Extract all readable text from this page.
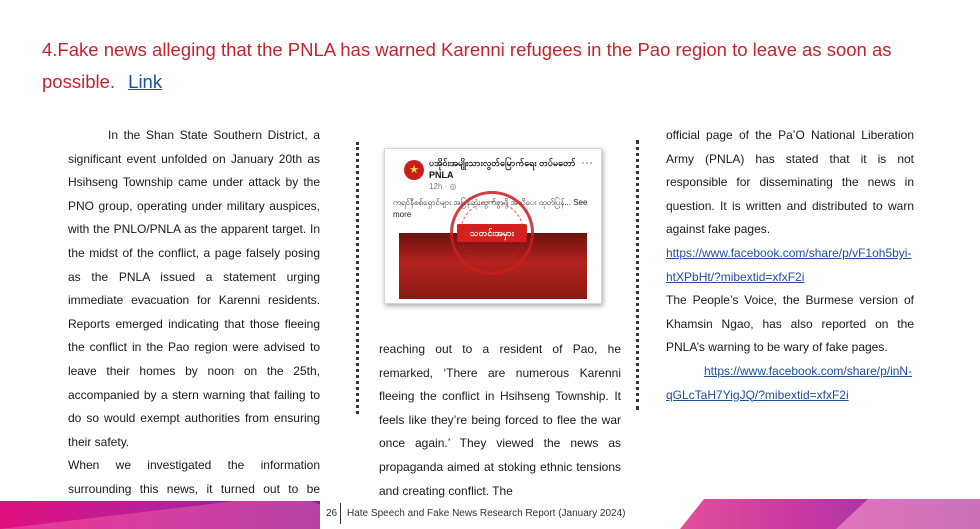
4.Fake news alleging that the PNLA has warned Karenni refugees in the Pao region to leave as soon as possible. Link

In the Shan State Southern District, a significant event unfolded on January 20th as Hsihseng Township came under attack by the PNO group, operating under military auspices, with the PNLO/PNLA as the apparent target. In the midst of the conflict, a page falsely posing as the PNLA issued a statement urging immediate evacuation for Karenni residents. Reports emerged indicating that those fleeing the conflict in the Pao region were advised to leave their homes by noon on the 25th, accompanied by a stern warning that failing to do so would exempt authorities from ensuring their safety.

When we investigated the information surrounding this news, it turned out to be

★
ပအိုဝ်းအမျိုးသားလွတ်မြောက်ရေး တပ်မတော်
PNLA
12h · ◎
···
ကရင်နီစစ်ရှောင်များ အမြန်ဆုံးထွက်ခွာဖို့ အသိပေး ထုတ်ပြန်... See more
သတင်းအမှား

reaching out to a resident of Pao, he remarked, ‘There are numerous Karenni fleeing the conflict in Hsihseng Township. It feels like they’re being forced to flee the war once again.’ They viewed the news as propaganda aimed at stoking ethnic tensions and creating conflict. The

official page of the Pa’O National Liberation Army (PNLA) has stated that it is not responsible for disseminating the news in question. It is written and distributed to warn against fake pages.

https://www.facebook.com/share/p/vF1oh5byi-htXPbHt/?mibextid=xfxF2i

The People’s Voice, the Burmese version of Khamsin Ngao, has also reported on the PNLA’s warning to be wary of fake pages.

https://www.facebook.com/share/p/inN-qGLcTaH7YigJQ/?mibextid=xfxF2i

26 Hate Speech and Fake News Research Report (January 2024)
